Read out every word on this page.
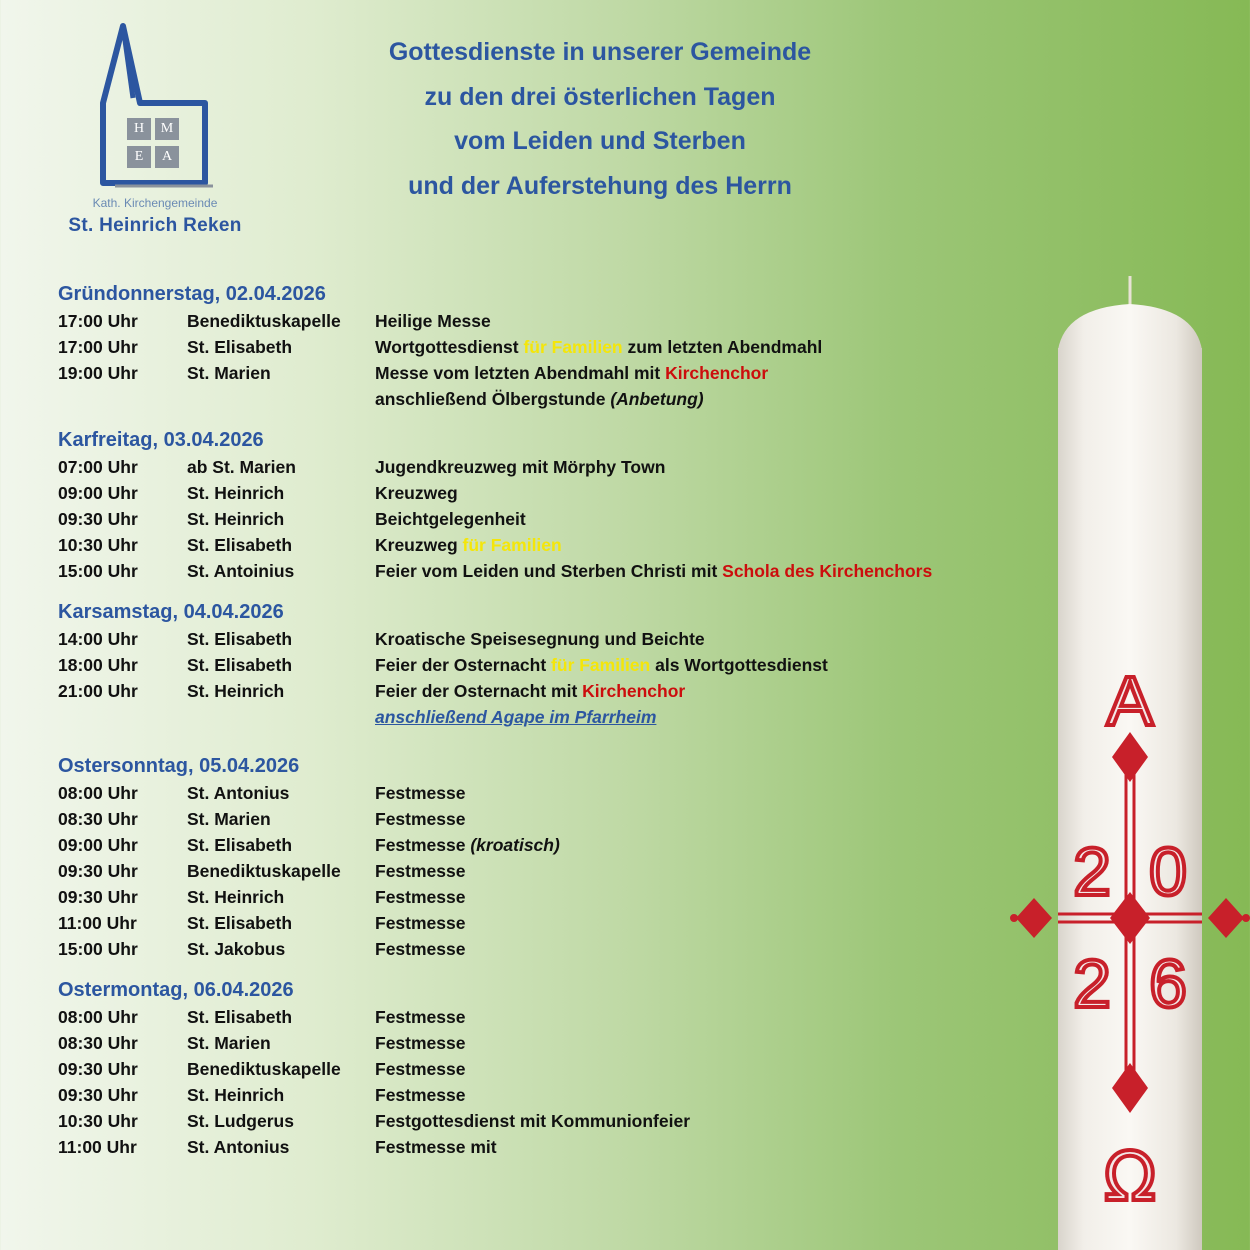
H	M
E	A
Kath. Kirchengemeinde
St. Heinrich Reken
Gottesdienste in unserer Gemeinde
zu den drei österlichen Tagen
vom Leiden und Sterben
und der Auferstehung des Herrn
Gründonnerstag, 02.04.2026
17:00 Uhr	Benediktuskapelle	Heilige Messe
17:00 Uhr	St. Elisabeth	Wortgottesdienst für Familien zum letzten Abendmahl
19:00 Uhr	St. Marien	Messe vom letzten Abendmahl mit Kirchenchor
anschließend Ölbergstunde (Anbetung)
Karfreitag, 03.04.2026
07:00 Uhr	ab St. Marien	Jugendkreuzweg mit Mörphy Town
09:00 Uhr	St. Heinrich	Kreuzweg
09:30 Uhr	St. Heinrich	Beichtgelegenheit
10:30 Uhr	St. Elisabeth	Kreuzweg für Familien
15:00 Uhr	St. Antoinius	Feier vom Leiden und Sterben Christi mit Schola des Kirchenchors
Karsamstag, 04.04.2026
14:00 Uhr	St. Elisabeth	Kroatische Speisesegnung und Beichte
18:00 Uhr	St. Elisabeth	Feier der Osternacht für Familien als Wortgottesdienst
21:00 Uhr	St. Heinrich	Feier der Osternacht mit Kirchenchor
anschließend Agape im Pfarrheim
Ostersonntag, 05.04.2026
08:00 Uhr	St. Antonius	Festmesse
08:30 Uhr	St. Marien	Festmesse
09:00 Uhr	St. Elisabeth	Festmesse (kroatisch)
09:30 Uhr	Benediktuskapelle	Festmesse
09:30 Uhr	St. Heinrich	Festmesse
11:00 Uhr	St. Elisabeth	Festmesse
15:00 Uhr	St. Jakobus	Festmesse
Ostermontag, 06.04.2026
08:00 Uhr	St. Elisabeth	Festmesse
08:30 Uhr	St. Marien	Festmesse
09:30 Uhr	Benediktuskapelle	Festmesse
09:30 Uhr	St. Heinrich	Festmesse
10:30 Uhr	St. Ludgerus	Festgottesdienst mit Kommunionfeier
11:00 Uhr	St. Antonius	Festmesse mit
A
2 0
2 6
Ω
